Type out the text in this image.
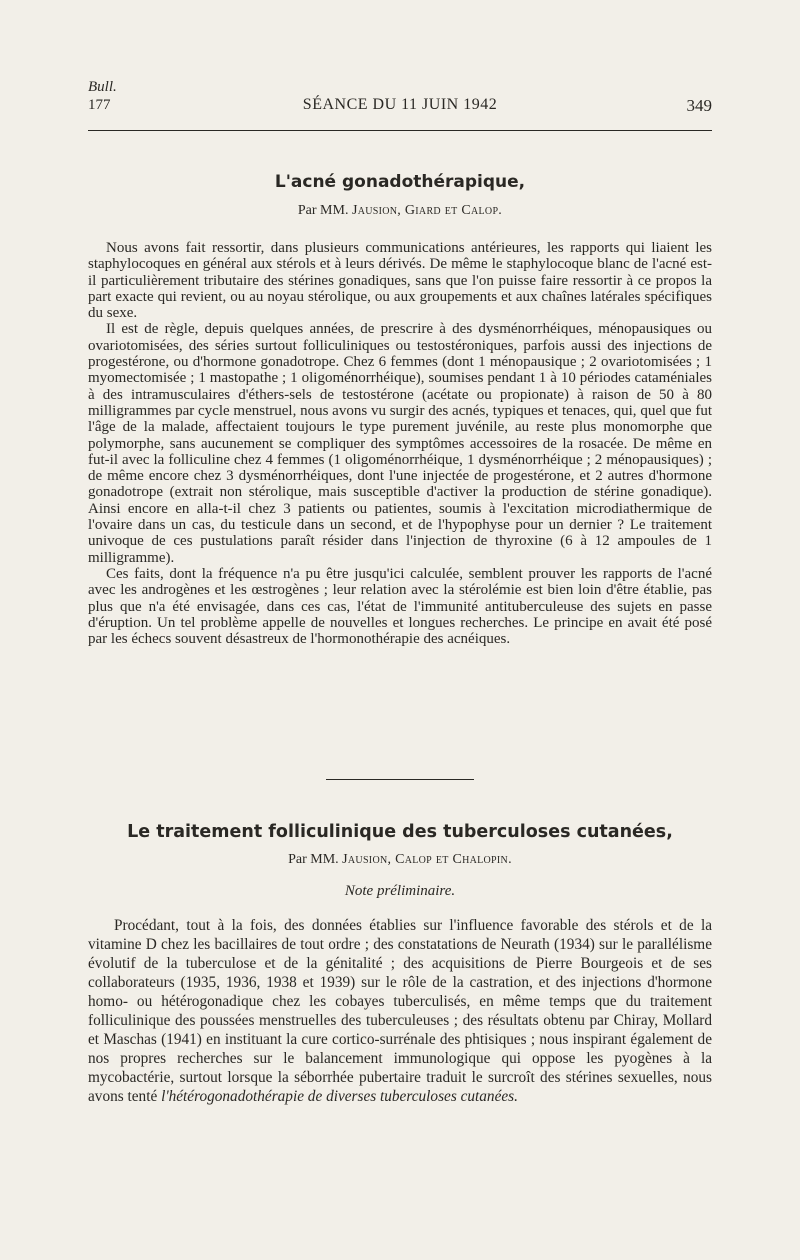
Bull.
177	SÉANCE DU 11 JUIN 1942	349
L'acné gonadothérapique,
Par MM. Jausion, Giard et Calop.

Nous avons fait ressortir, dans plusieurs communications antérieures, les rapports qui liaient les staphylocoques en général aux stérols et à leurs dérivés. De même le staphylocoque blanc de l'acné est-il particulièrement tributaire des stérines gonadiques, sans que l'on puisse faire ressortir à ce propos la part exacte qui revient, ou au noyau stérolique, ou aux groupements et aux chaînes latérales spécifiques du sexe.

Il est de règle, depuis quelques années, de prescrire à des dysménorrhéiques, ménopausiques ou ovariotomisées, des séries surtout folliculiniques ou testostéroniques, parfois aussi des injections de progestérone, ou d'hormone gonadotrope. Chez 6 femmes (dont 1 ménopausique ; 2 ovariotomisées ; 1 myomectomisée ; 1 mastopathe ; 1 oligoménorrhéique), soumises pendant 1 à 10 périodes cataméniales à des intramusculaires d'éthers-sels de testostérone (acétate ou propionate) à raison de 50 à 80 milligrammes par cycle menstruel, nous avons vu surgir des acnés, typiques et tenaces, qui, quel que fut l'âge de la malade, affectaient toujours le type purement juvénile, au reste plus monomorphe que polymorphe, sans aucunement se compliquer des symptômes accessoires de la rosacée. De même en fut-il avec la folliculine chez 4 femmes (1 oligoménorrhéique, 1 dysménorrhéique ; 2 ménopausiques) ; de même encore chez 3 dysménorrhéiques, dont l'une injectée de progestérone, et 2 autres d'hormone gonadotrope (extrait non stérolique, mais susceptible d'activer la production de stérine gonadique). Ainsi encore en alla-t-il chez 3 patients ou patientes, soumis à l'excitation microdiathermique de l'ovaire dans un cas, du testicule dans un second, et de l'hypophyse pour un dernier ? Le traitement univoque de ces pustulations paraît résider dans l'injection de thyroxine (6 à 12 ampoules de 1 milligramme).

Ces faits, dont la fréquence n'a pu être jusqu'ici calculée, semblent prouver les rapports de l'acné avec les androgènes et les œstrogènes ; leur relation avec la stérolémie est bien loin d'être établie, pas plus que n'a été envisagée, dans ces cas, l'état de l'immunité antituberculeuse des sujets en passe d'éruption. Un tel problème appelle de nouvelles et longues recherches. Le principe en avait été posé par les échecs souvent désastreux de l'hormonothérapie des acnéiques.

Le traitement folliculinique des tuberculoses cutanées,
Par MM. Jausion, Calop et Chalopin.
Note préliminaire.

Procédant, tout à la fois, des données établies sur l'influence favorable des stérols et de la vitamine D chez les bacillaires de tout ordre ; des constatations de Neurath (1934) sur le parallélisme évolutif de la tuberculose et de la génitalité ; des acquisitions de Pierre Bourgeois et de ses collaborateurs (1935, 1936, 1938 et 1939) sur le rôle de la castration, et des injections d'hormone homo- ou hétérogonadique chez les cobayes tuberculisés, en même temps que du traitement folliculinique des poussées menstruelles des tuberculeuses ; des résultats obtenu par Chiray, Mollard et Maschas (1941) en instituant la cure cortico-surrénale des phtisiques ; nous inspirant également de nos propres recherches sur le balancement immunologique qui oppose les pyogènes à la mycobactérie, surtout lorsque la séborrhée pubertaire traduit le surcroît des stérines sexuelles, nous avons tenté l'hétérogonadothérapie de diverses tuberculoses cutanées.
